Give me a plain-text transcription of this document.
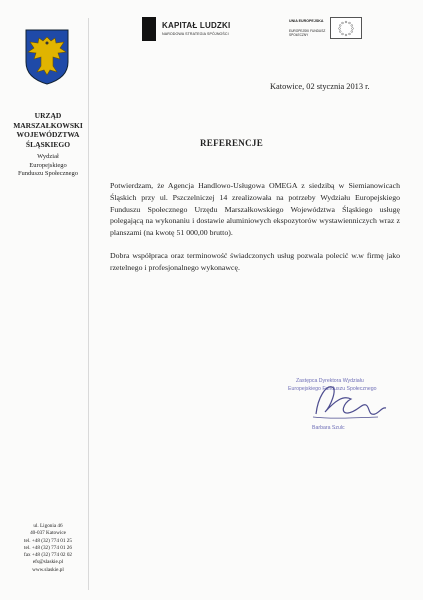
URZĄD MARSZAŁKOWSKI
WOJEWÓDZTWA
ŚLĄSKIEGO
Wydział
Europejskiego
Funduszu Społecznego
KAPITAŁ LUDZKI
NARODOWA STRATEGIA SPÓJNOŚCI
UNIA EUROPEJSKA
EUROPEJSKI FUNDUSZ SPOŁECZNY
Katowice, 02 stycznia 2013 r.
REFERENCJE

Potwierdzam, że Agencja Handlowo-Usługowa OMEGA z siedzibą w Siemianowicach Śląskich przy ul. Pszczelniczej 14 zrealizowała na potrzeby Wydziału Europejskiego Funduszu Społecznego Urzędu Marszałkowskiego Województwa Śląskiego usługę polegającą na wykonaniu i dostawie aluminiowych ekspozytorów wystawienniczych wraz z planszami (na kwotę 51 000,00 brutto).

Dobra współpraca oraz terminowość świadczonych usług pozwala polecić w.w firmę jako rzetelnego i profesjonalnego wykonawcę.

Zastępca Dyrektora Wydziału
Europejskiego Funduszu Społecznego
Barbara Szulc
ul. Ligonia 46
40-037 Katowice
tel. +48 (32) 774 01 25
tel. +48 (32) 774 01 26
fax +48 (32) 774 02 02
efs@slaskie.pl
www.slaskie.pl
